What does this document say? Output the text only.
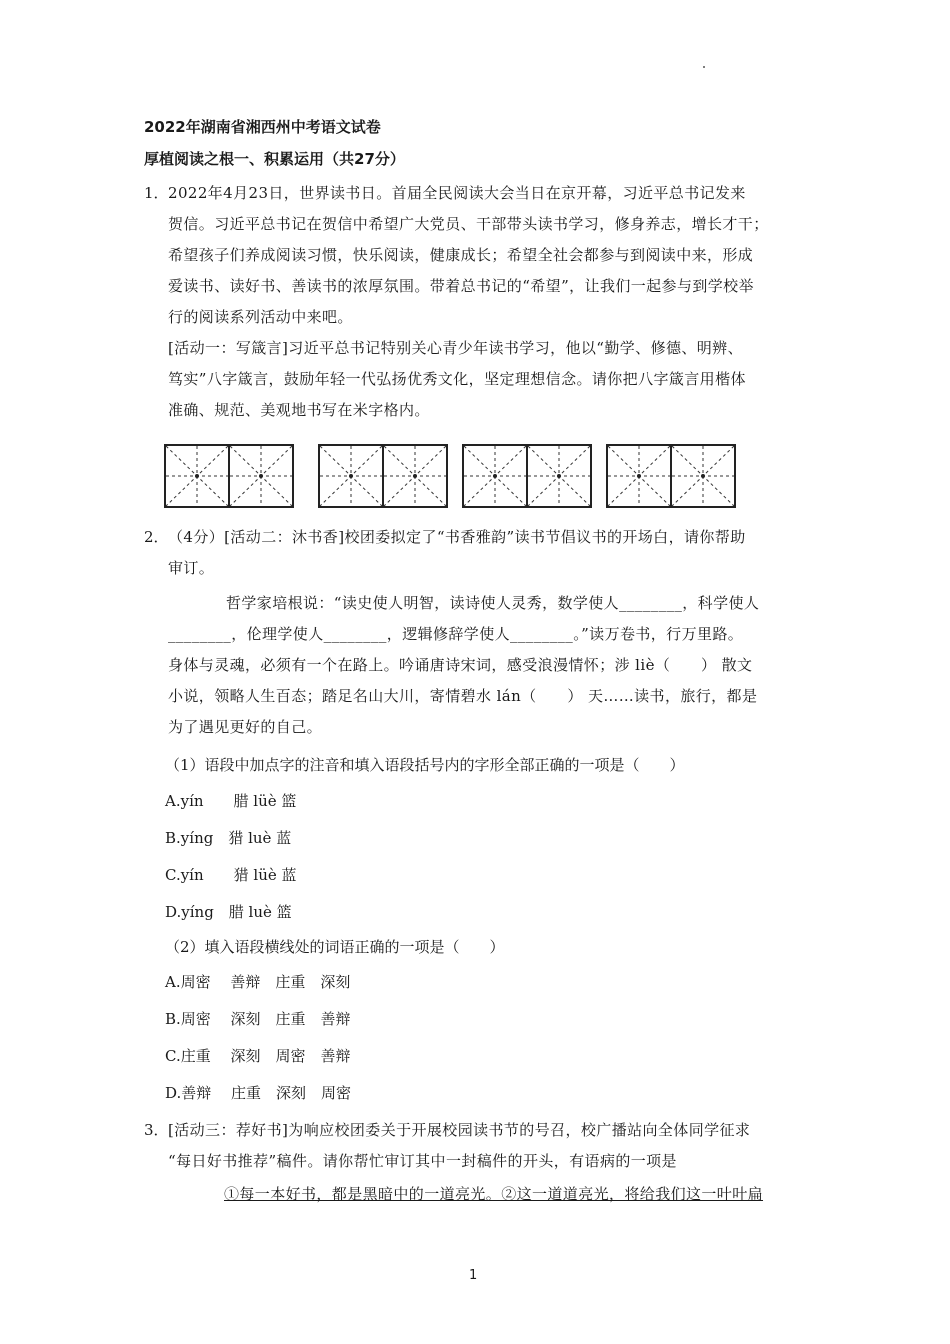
2022年湖南省湘西州中考语文试卷
厚植阅读之根一、积累运用（共27分）
1． 2022年4月23日，世界读书日。首届全民阅读大会当日在京开幕，习近平总书记发来
贺信。习近平总书记在贺信中希望广大党员、干部带头读书学习，修身养志，增长才干；
希望孩子们养成阅读习惯，快乐阅读，健康成长；希望全社会都参与到阅读中来，形成
爱读书、读好书、善读书的浓厚氛围。带着总书记的“希望”，让我们一起参与到学校举
行的阅读系列活动中来吧。
[活动一：写箴言]习近平总书记特别关心青少年读书学习，他以“勤学、修德、明辨、
笃实”八字箴言，鼓励年轻一代弘扬优秀文化，坚定理想信念。请你把八字箴言用楷体
准确、规范、美观地书写在米字格内。
2． （4分）[活动二：沐书香]校团委拟定了“书香雅韵”读书节倡议书的开场白，请你帮助
审订。
哲学家培根说：“读史使人明智，读诗使人灵秀，数学使人________，科学使人
________，伦理学使人________，逻辑修辞学使人________。”读万卷书，行万里路。
身体与灵魂，必须有一个在路上。吟诵唐诗宋词，感受浪漫情怀；涉 liè（　　） 散文
小说，领略人生百态；踏足名山大川，寄情碧水 lán（　　） 天……读书，旅行，都是
为了遇见更好的自己。
（1）语段中加点字的注音和填入语段括号内的字形全部正确的一项是（　　）
A.yín　　腊 lüè 篮
B.yíng　猎 luè 蓝
C.yín　　猎 lüè 蓝
D.yíng　腊 luè 篮
（2）填入语段横线处的词语正确的一项是（　　）
A.周密　 善辩　庄重　深刻
B.周密　 深刻　庄重　善辩
C.庄重　 深刻　周密　善辩
D.善辩　 庄重　深刻　周密
3． [活动三：荐好书]为响应校团委关于开展校园读书节的号召，校广播站向全体同学征求
“每日好书推荐”稿件。请你帮忙审订其中一封稿件的开头，有语病的一项是
①每一本好书，都是黑暗中的一道亮光。②这一道道亮光，将给我们这一叶叶扁
1
